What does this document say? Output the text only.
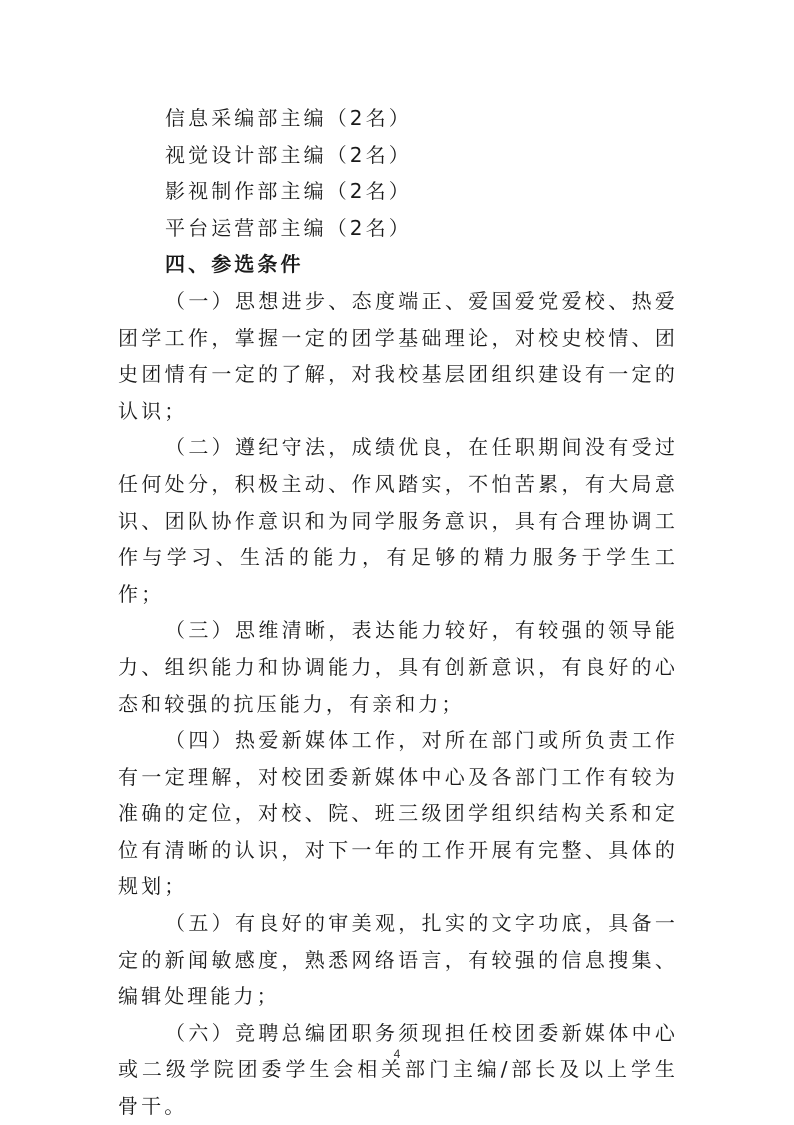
信息采编部主编（2名）

视觉设计部主编（2名）

影视制作部主编（2名）

平台运营部主编（2名）

四、参选条件

（一）思想进步、态度端正、爱国爱党爱校、热爱团学工作，掌握一定的团学基础理论，对校史校情、团史团情有一定的了解，对我校基层团组织建设有一定的认识；

（二）遵纪守法，成绩优良，在任职期间没有受过任何处分，积极主动、作风踏实，不怕苦累，有大局意识、团队协作意识和为同学服务意识，具有合理协调工作与学习、生活的能力，有足够的精力服务于学生工作；

（三）思维清晰，表达能力较好，有较强的领导能力、组织能力和协调能力，具有创新意识，有良好的心态和较强的抗压能力，有亲和力；

（四）热爱新媒体工作，对所在部门或所负责工作有一定理解，对校团委新媒体中心及各部门工作有较为准确的定位，对校、院、班三级团学组织结构关系和定位有清晰的认识，对下一年的工作开展有完整、具体的规划；

（五）有良好的审美观，扎实的文字功底，具备一定的新闻敏感度，熟悉网络语言，有较强的信息搜集、编辑处理能力；

（六）竞聘总编团职务须现担任校团委新媒体中心或二级学院团委学生会相关部门主编/部长及以上学生骨干。

4
